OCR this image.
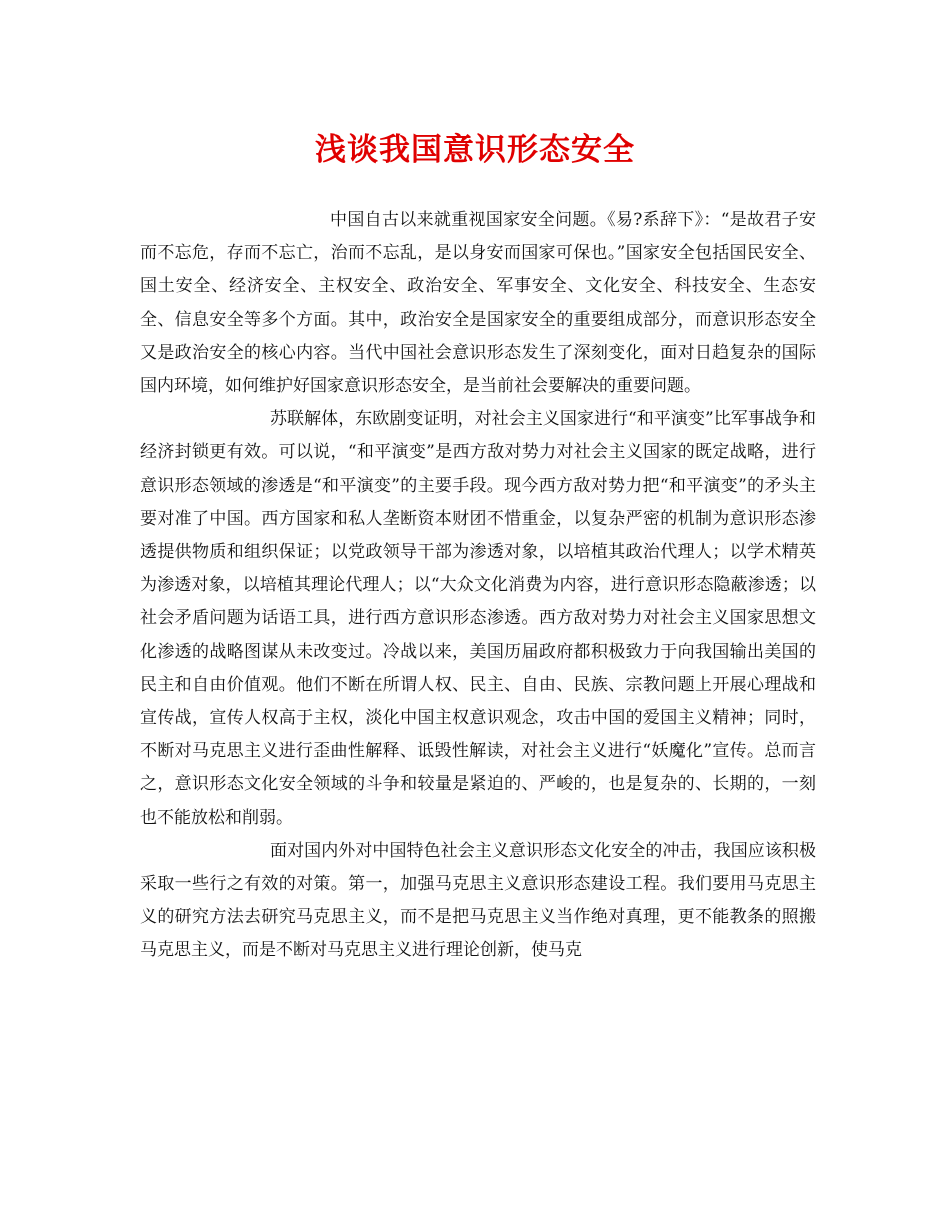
浅谈我国意识形态安全

中国自古以来就重视国家安全问题。《易?系辞下》：“是故君子安而不忘危，存而不忘亡，治而不忘乱，是以身安而国家可保也。”国家安全包括国民安全、国土安全、经济安全、主权安全、政治安全、军事安全、文化安全、科技安全、生态安全、信息安全等多个方面。其中，政治安全是国家安全的重要组成部分，而意识形态安全又是政治安全的核心内容。当代中国社会意识形态发生了深刻变化，面对日趋复杂的国际国内环境，如何维护好国家意识形态安全，是当前社会要解决的重要问题。

苏联解体，东欧剧变证明，对社会主义国家进行“和平演变”比军事战争和经济封锁更有效。可以说，“和平演变”是西方敌对势力对社会主义国家的既定战略，进行意识形态领域的渗透是“和平演变”的主要手段。现今西方敌对势力把“和平演变”的矛头主要对准了中国。西方国家和私人垄断资本财团不惜重金，以复杂严密的机制为意识形态渗透提供物质和组织保证；以党政领导干部为渗透对象，以培植其政治代理人；以学术精英为渗透对象，以培植其理论代理人；以“大众文化消费为内容，进行意识形态隐蔽渗透；以社会矛盾问题为话语工具，进行西方意识形态渗透。西方敌对势力对社会主义国家思想文化渗透的战略图谋从未改变过。冷战以来，美国历届政府都积极致力于向我国输出美国的民主和自由价值观。他们不断在所谓人权、民主、自由、民族、宗教问题上开展心理战和宣传战，宣传人权高于主权，淡化中国主权意识观念，攻击中国的爱国主义精神；同时，不断对马克思主义进行歪曲性解释、诋毁性解读，对社会主义进行“妖魔化”宣传。总而言之，意识形态文化安全领域的斗争和较量是紧迫的、严峻的，也是复杂的、长期的，一刻也不能放松和削弱。

面对国内外对中国特色社会主义意识形态文化安全的冲击，我国应该积极采取一些行之有效的对策。第一，加强马克思主义意识形态建设工程。我们要用马克思主义的研究方法去研究马克思主义，而不是把马克思主义当作绝对真理，更不能教条的照搬马克思主义，而是不断对马克思主义进行理论创新，使马克
